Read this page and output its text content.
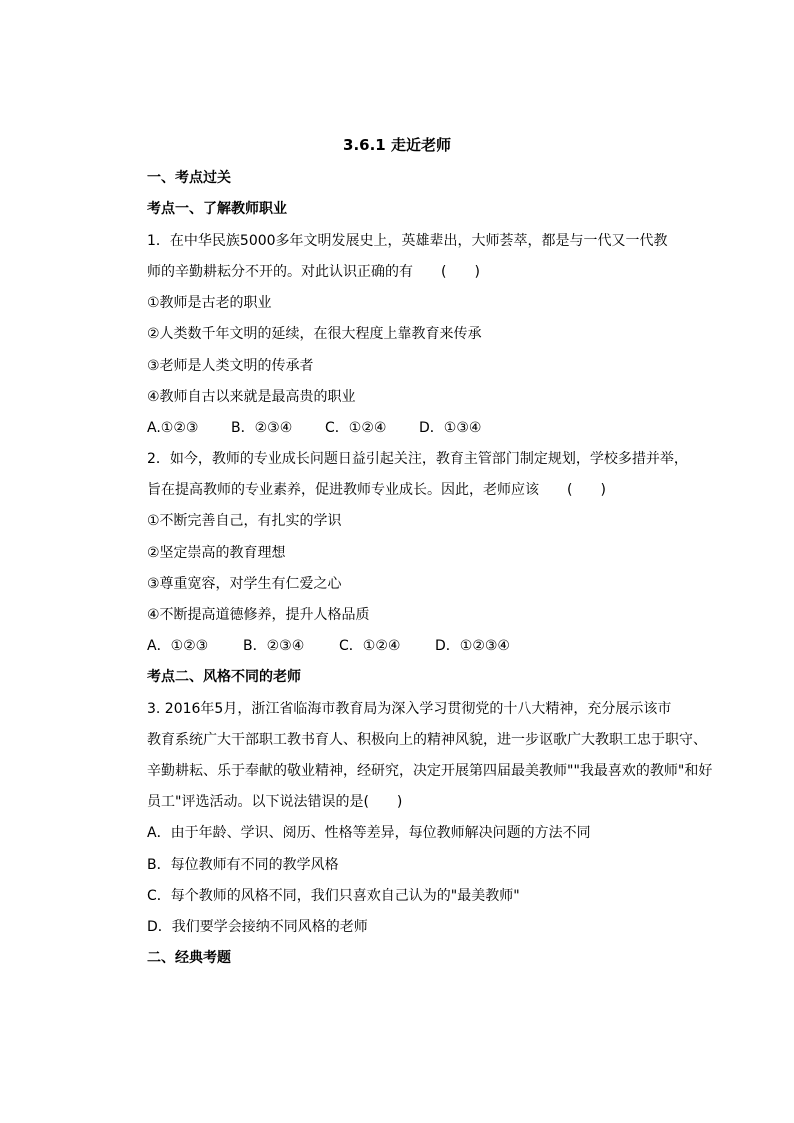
3.6.1 走近老师
一、考点过关
考点一、了解教师职业
1．在中华民族5000多年文明发展史上，英雄辈出，大师荟萃，都是与一代又一代教
师的辛勤耕耘分不开的。对此认识正确的有　　(　　)
①教师是古老的职业
②人类数千年文明的延续，在很大程度上靠教育来传承
③老师是人类文明的传承者
④教师自古以来就是最高贵的职业
A.①②③ B．②③④ C．①②④ D．①③④
2．如今，教师的专业成长问题日益引起关注，教育主管部门制定规划，学校多措并举，
旨在提高教师的专业素养，促进教师专业成长。因此，老师应该　　(　　)
①不断完善自己，有扎实的学识
②坚定崇高的教育理想
③尊重宽容，对学生有仁爱之心
④不断提高道德修养，提升人格品质
A．①②③ B．②③④ C．①②④ D．①②③④
考点二、风格不同的老师
3. 2016年5月，浙江省临海市教育局为深入学习贯彻党的十八大精神，充分展示该市
教育系统广大干部职工教书育人、积极向上的精神风貌，进一步讴歌广大教职工忠于职守、
辛勤耕耘、乐于奉献的敬业精神，经研究，决定开展第四届最美教师""我最喜欢的教师"和好
员工"评选活动。以下说法错误的是(　　)
A．由于年龄、学识、阅历、性格等差异，每位教师解决问题的方法不同
B．每位教师有不同的教学风格
C．每个教师的风格不同，我们只喜欢自己认为的"最美教师"
D．我们要学会接纳不同风格的老师
二、经典考题
